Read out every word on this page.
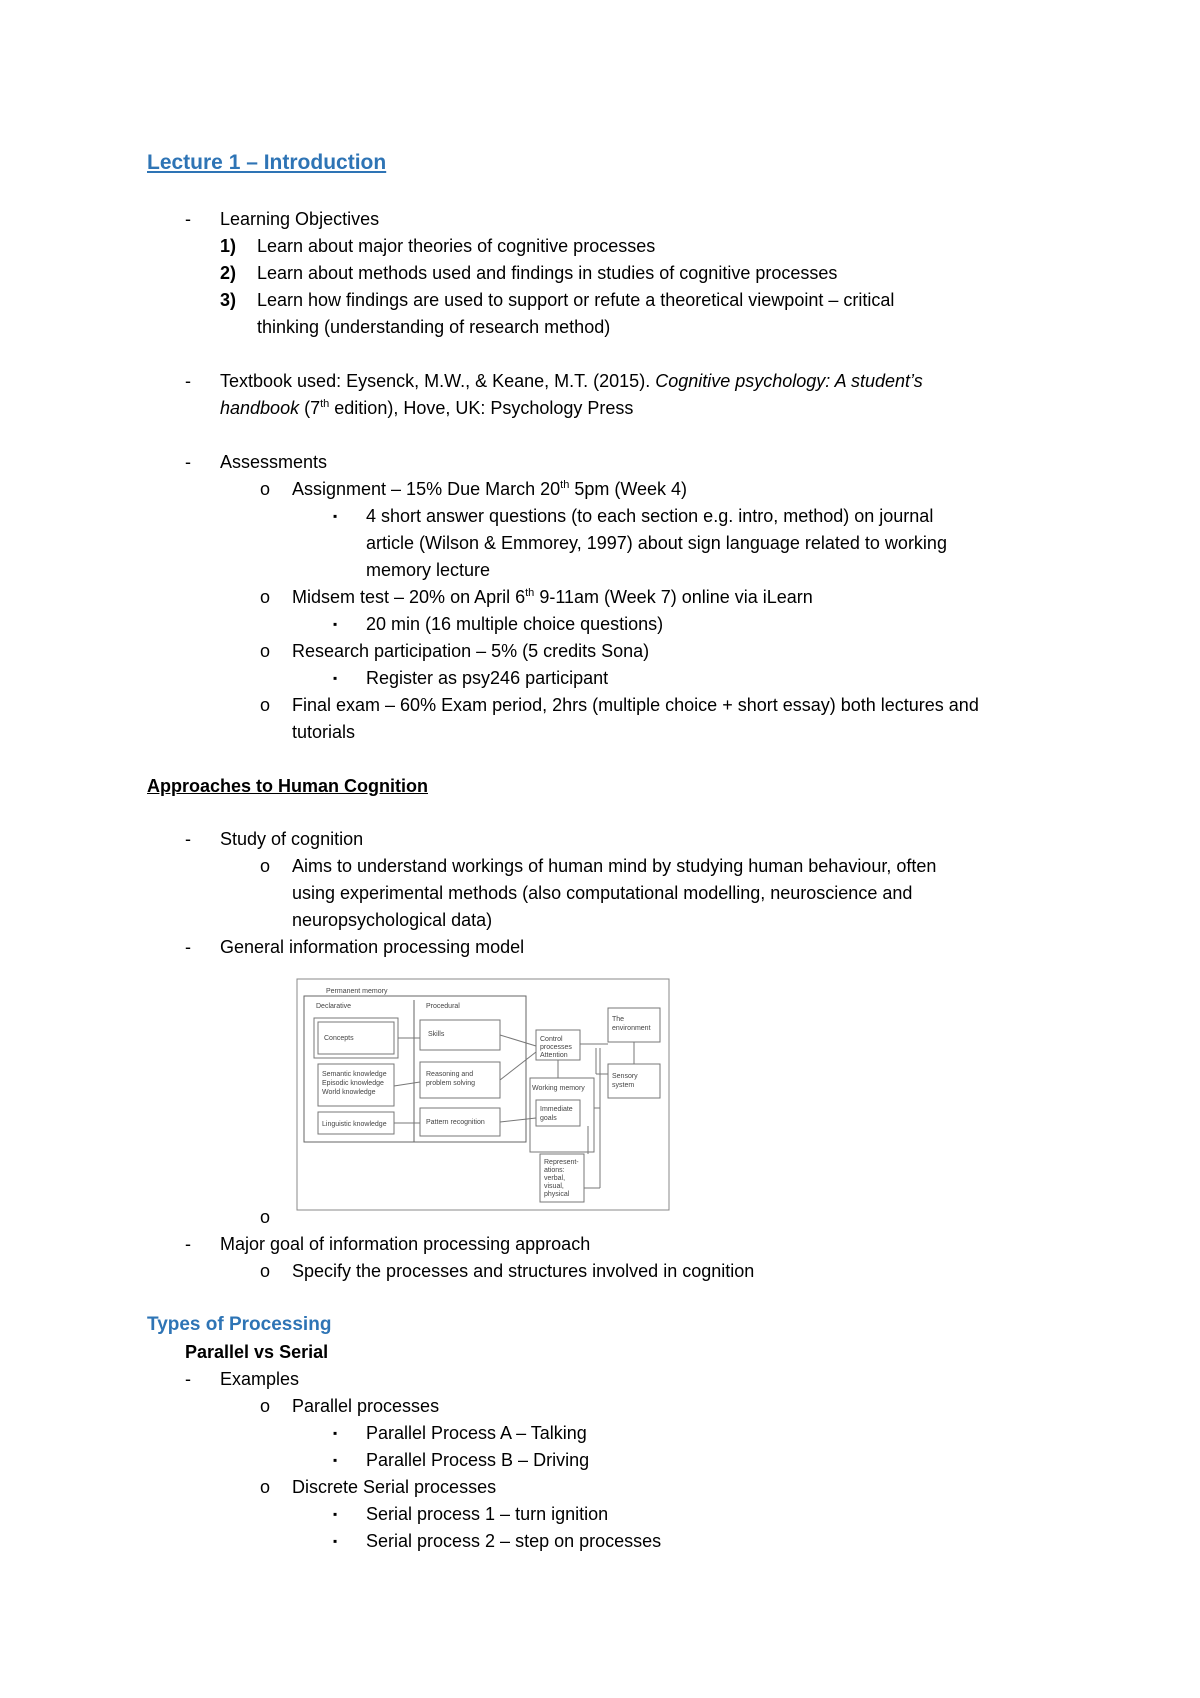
Lecture 1 – Introduction
- Learning Objectives
1) Learn about major theories of cognitive processes
2) Learn about methods used and findings in studies of cognitive processes
3) Learn how findings are used to support or refute a theoretical viewpoint – critical
thinking (understanding of research method)
- Textbook used: Eysenck, M.W., & Keane, M.T. (2015). Cognitive psychology: A student’s
handbook (7th edition), Hove, UK: Psychology Press
- Assessments
o Assignment – 15% Due March 20th 5pm (Week 4)
▪ 4 short answer questions (to each section e.g. intro, method) on journal
article (Wilson & Emmorey, 1997) about sign language related to working
memory lecture
o Midsem test – 20% on April 6th 9-11am (Week 7) online via iLearn
▪ 20 min (16 multiple choice questions)
o Research participation – 5% (5 credits Sona)
▪ Register as psy246 participant
o Final exam – 60% Exam period, 2hrs (multiple choice + short essay) both lectures and
tutorials
Approaches to Human Cognition
- Study of cognition
o Aims to understand workings of human mind by studying human behaviour, often
using experimental methods (also computational modelling, neuroscience and
neuropsychological data)
- General information processing model
Permanent memory
Declarative	Procedural
Concepts
Semantic knowledge
Episodic knowledge
World knowledge
Linguistic knowledge
Skills
Reasoning and
problem solving
Pattern recognition
Control
processes
Attention
Working memory
Immediate
goals
Represent-
ations:
verbal,
visual,
physical
The
environment
Sensory
system
o
- Major goal of information processing approach
o Specify the processes and structures involved in cognition
Types of Processing
Parallel vs Serial
- Examples
o Parallel processes
▪ Parallel Process A – Talking
▪ Parallel Process B – Driving
o Discrete Serial processes
▪ Serial process 1 – turn ignition
▪ Serial process 2 – step on processes
